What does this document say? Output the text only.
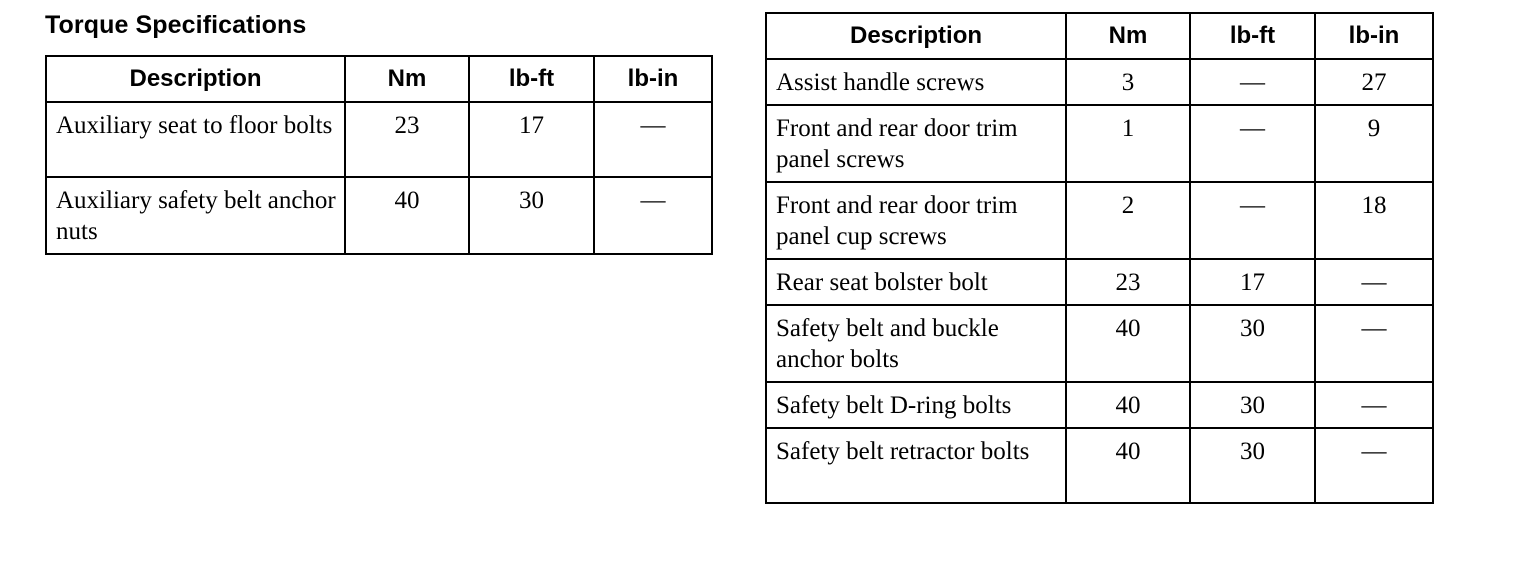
Torque Specifications
Description	Nm	lb-ft	lb-in
Auxiliary seat to floor bolts	23	17	—
Auxiliary safety belt anchor nuts	40	30	—
Description	Nm	lb-ft	lb-in
Assist handle screws	3	—	27
Front and rear door trim panel screws	1	—	9
Front and rear door trim panel cup screws	2	—	18
Rear seat bolster bolt	23	17	—
Safety belt and buckle anchor bolts	40	30	—
Safety belt D-ring bolts	40	30	—
Safety belt retractor bolts	40	30	—
